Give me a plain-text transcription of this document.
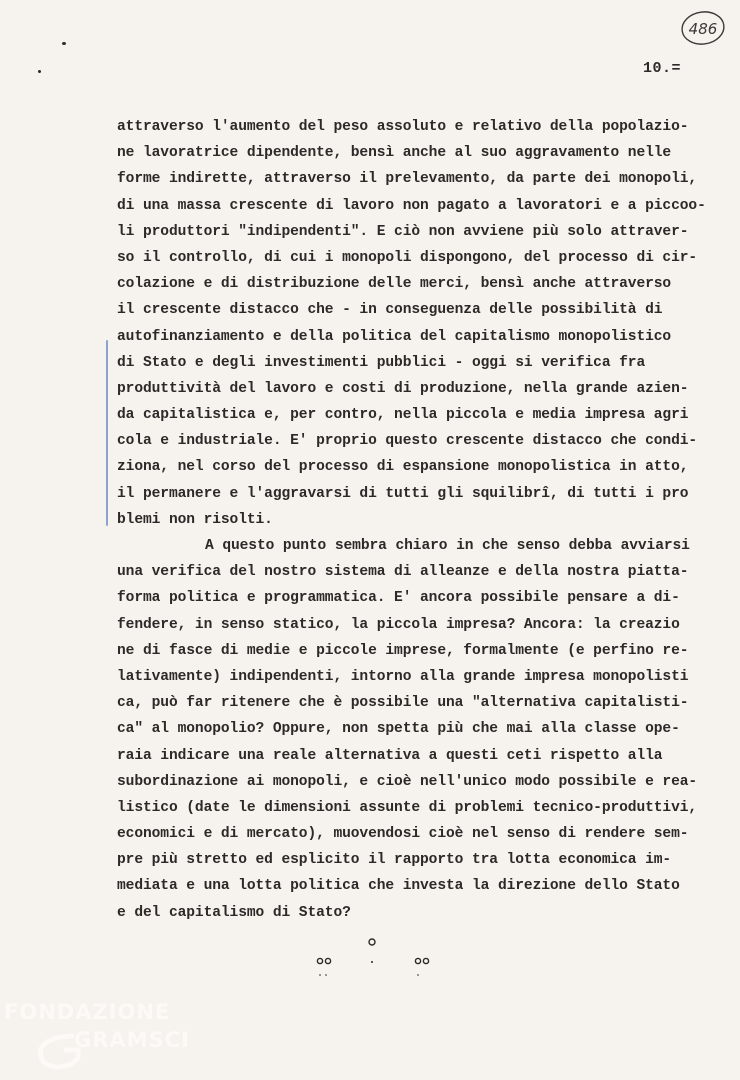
486
10.=
attraverso l'aumento del peso assoluto e relativo della popolazio-
ne lavoratrice dipendente, bensì anche al suo aggravamento nelle
forme indirette, attraverso il prelevamento, da parte dei monopoli,
di una massa crescente di lavoro non pagato a lavoratori e a piccoo-
li produttori "indipendenti". E ciò non avviene più solo attraver-
so il controllo, di cui i monopoli dispongono, del processo di cir-
colazione e di distribuzione delle merci, bensì anche attraverso
il crescente distacco che - in conseguenza delle possibilità di
autofinanziamento e della politica del capitalismo monopolistico
di Stato e degli investimenti pubblici - oggi si verifica fra
produttività del lavoro e costi di produzione, nella grande azien-
da capitalistica e, per contro, nella piccola e media impresa agri
cola e industriale. E' proprio questo crescente distacco che condi-
ziona, nel corso del processo di espansione monopolistica in atto,
il permanere e l'aggravarsi di tutti gli squilibrî, di tutti i pro
blemi non risolti.
A questo punto sembra chiaro in che senso debba avviarsi
una verifica del nostro sistema di alleanze e della nostra piatta-
forma politica e programmatica. E' ancora possibile pensare a di-
fendere, in senso statico, la piccola impresa? Ancora: la creazio
ne di fasce di medie e piccole imprese, formalmente (e perfino re-
lativamente) indipendenti, intorno alla grande impresa monopolisti
ca, può far ritenere che è possibile una "alternativa capitalisti-
ca" al monopolio? Oppure, non spetta più che mai alla classe ope-
raia indicare una reale alternativa a questi ceti rispetto alla
subordinazione ai monopoli, e cioè nell'unico modo possibile e rea-
listico (date le dimensioni assunte di problemi tecnico-produttivi,
economici e di mercato), muovendosi cioè nel senso di rendere sem-
pre più stretto ed esplicito il rapporto tra lotta economica im-
mediata e una lotta politica che investa la direzione dello Stato
e del capitalismo di Stato?
FONDAZIONE
GRAMSCI
